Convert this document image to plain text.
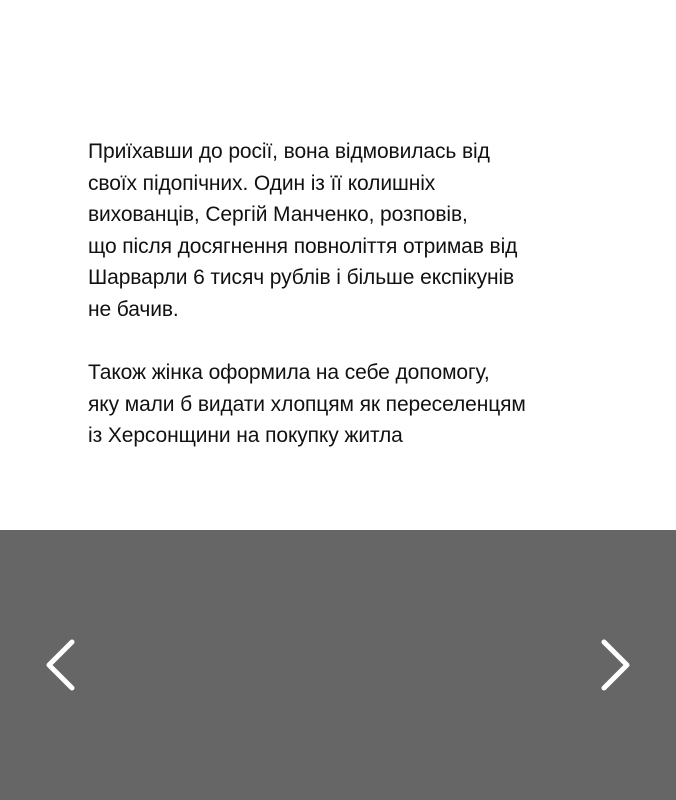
Приїхавши до росії, вона відмовилась від
своїх підопічних. Один із її колишніх
вихованців, Сергій Манченко, розповів,
що після досягнення повноліття отримав від
Шарварли 6 тисяч рублів і більше експікунів
не бачив.

Також жінка оформила на себе допомогу,
яку мали б видати хлопцям як переселенцям
із Херсонщини на покупку житла
